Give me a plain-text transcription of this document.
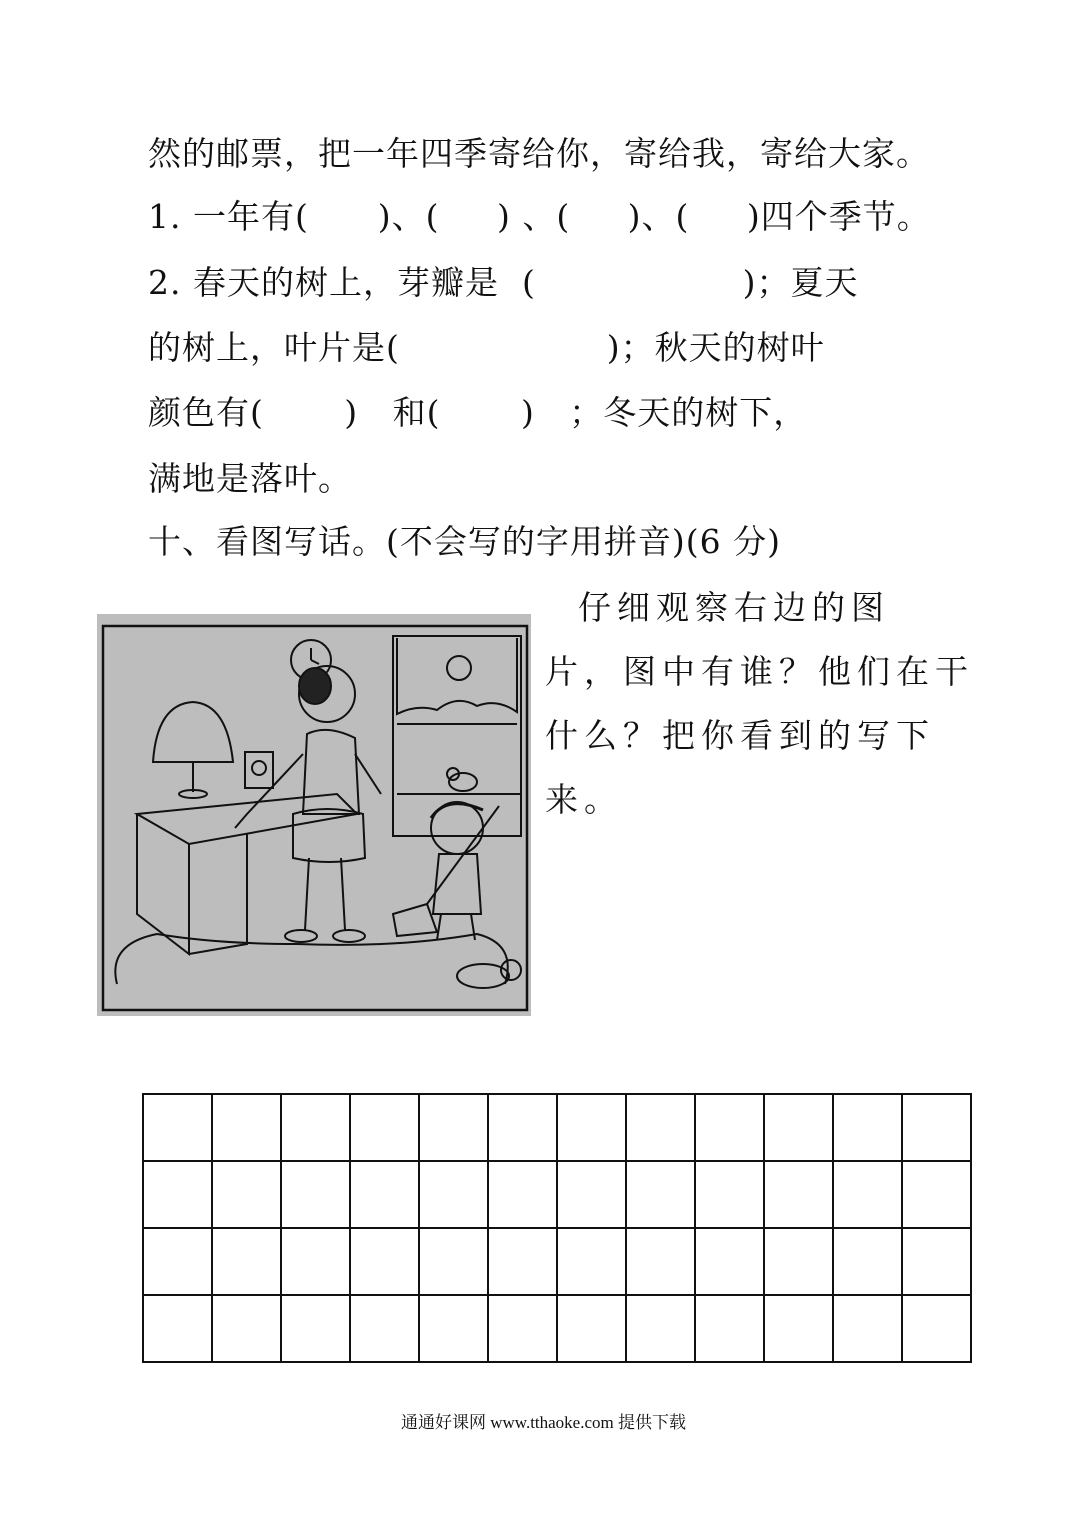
然的邮票，把一年四季寄给你，寄给我，寄给大家。
1. 一年有(      )、(     ) 、(     )、(     )四个季节。
2. 春天的树上，芽瓣是  (                  )；夏天
的树上，叶片是(                  )；秋天的树叶
颜色有(       )   和(       )   ；冬天的树下，
满地是落叶。
十、看图写话。(不会写的字用拼音)(6 分)
仔细观察右边的图
片，图中有谁？他们在干
什么？把你看到的写下
来。

通通好课网 www.tthaoke.com 提供下载
